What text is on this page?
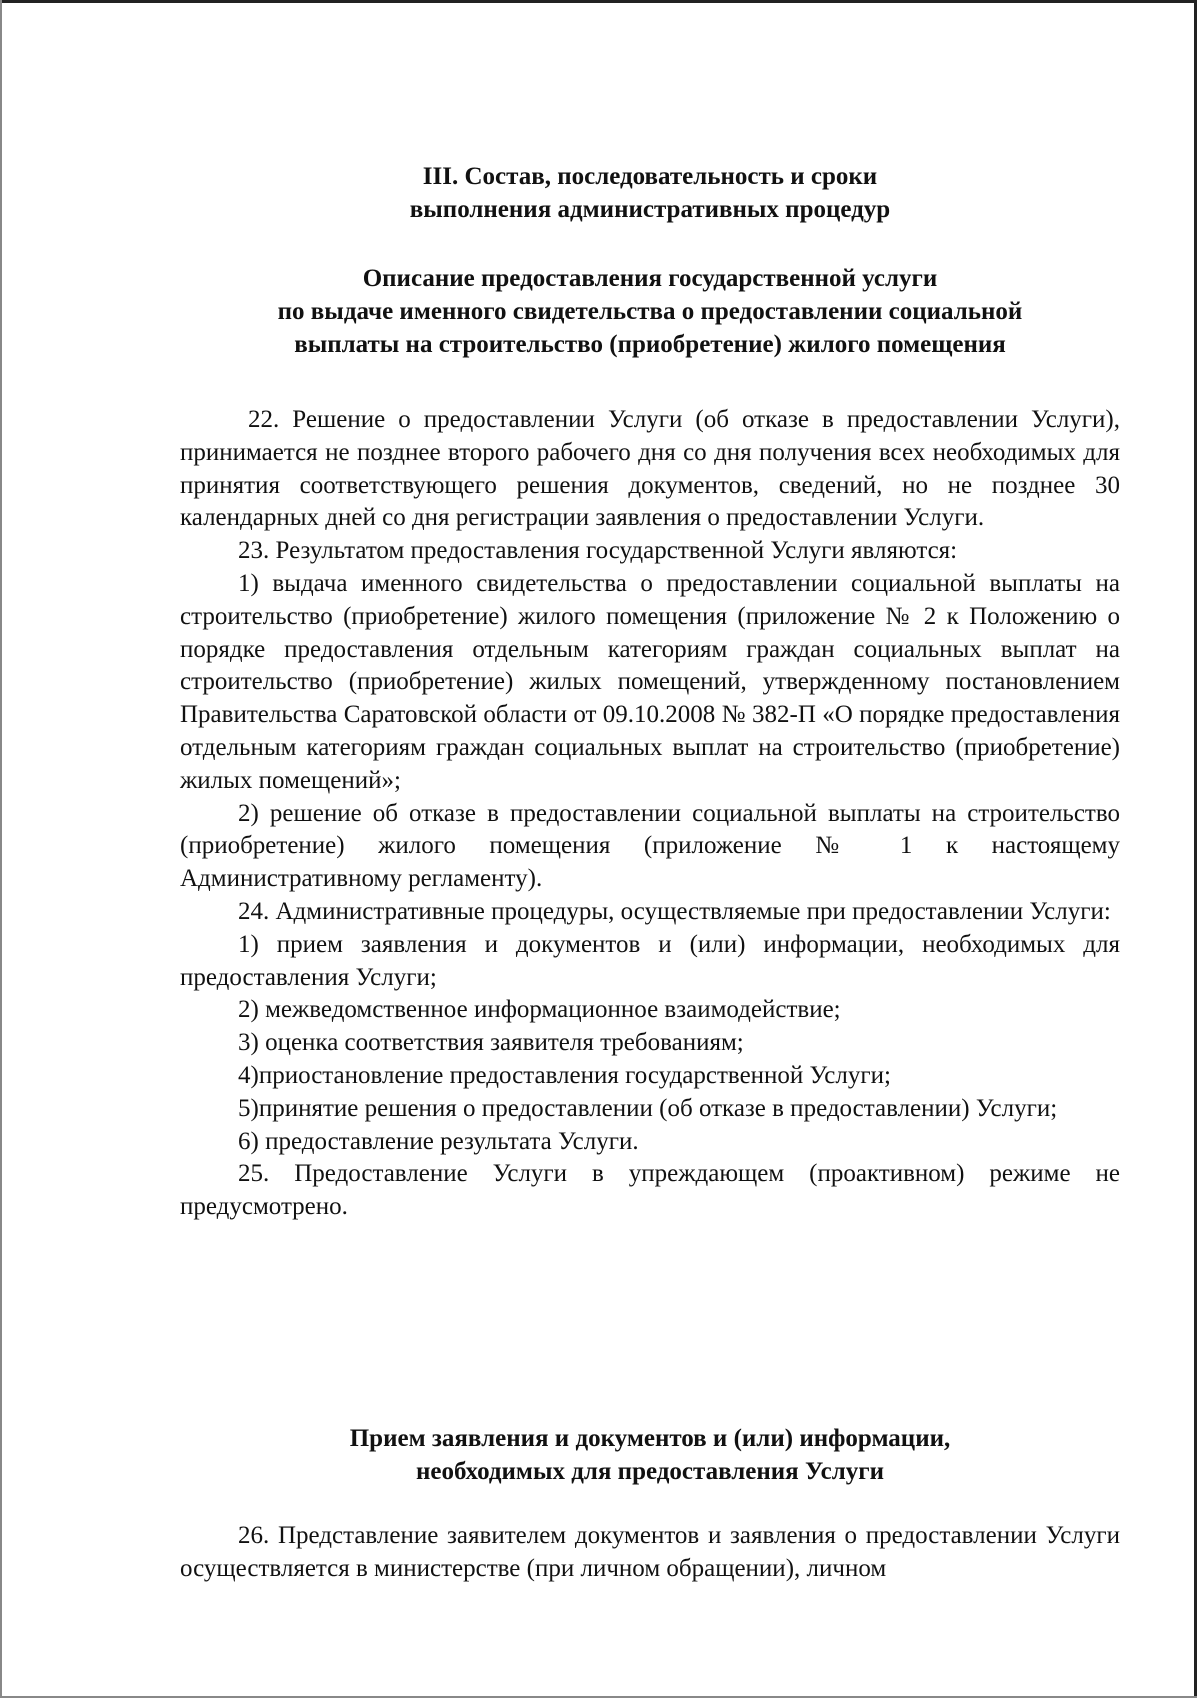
III. Состав, последовательность и сроки
выполнения административных процедур
Описание предоставления государственной услуги
по выдаче именного свидетельства о предоставлении социальной
выплаты на строительство (приобретение) жилого помещения

22. Решение о предоставлении Услуги (об отказе в предоставлении Услуги), принимается не позднее второго рабочего дня со дня получения всех необходимых для принятия соответствующего решения документов, сведений, но не позднее 30 календарных дней со дня регистрации заявления о предоставлении Услуги.

23. Результатом предоставления государственной Услуги являются:

1) выдача именного свидетельства о предоставлении социальной выплаты на строительство (приобретение) жилого помещения (приложение № 2 к Положению о порядке предоставления отдельным категориям граждан социальных выплат на строительство (приобретение) жилых помещений, утвержденному постановлением Правительства Саратовской области от 09.10.2008 № 382-П «О порядке предоставления отдельным категориям граждан социальных выплат на строительство (приобретение) жилых помещений»;

2) решение об отказе в предоставлении социальной выплаты на строительство (приобретение) жилого помещения (приложение № 1 к настоящему Административному регламенту).

24. Административные процедуры, осуществляемые при предоставлении Услуги:

1) прием заявления и документов и (или) информации, необходимых для предоставления Услуги;

2) межведомственное информационное взаимодействие;

3) оценка соответствия заявителя требованиям;

4)приостановление предоставления государственной Услуги;

5)принятие решения о предоставлении (об отказе в предоставлении) Услуги;

6) предоставление результата Услуги.

25. Предоставление Услуги в упреждающем (проактивном) режиме не предусмотрено.

Прием заявления и документов и (или) информации,
необходимых для предоставления Услуги

26. Представление заявителем документов и заявления о предоставлении Услуги осуществляется в министерстве (при личном обращении), личном
